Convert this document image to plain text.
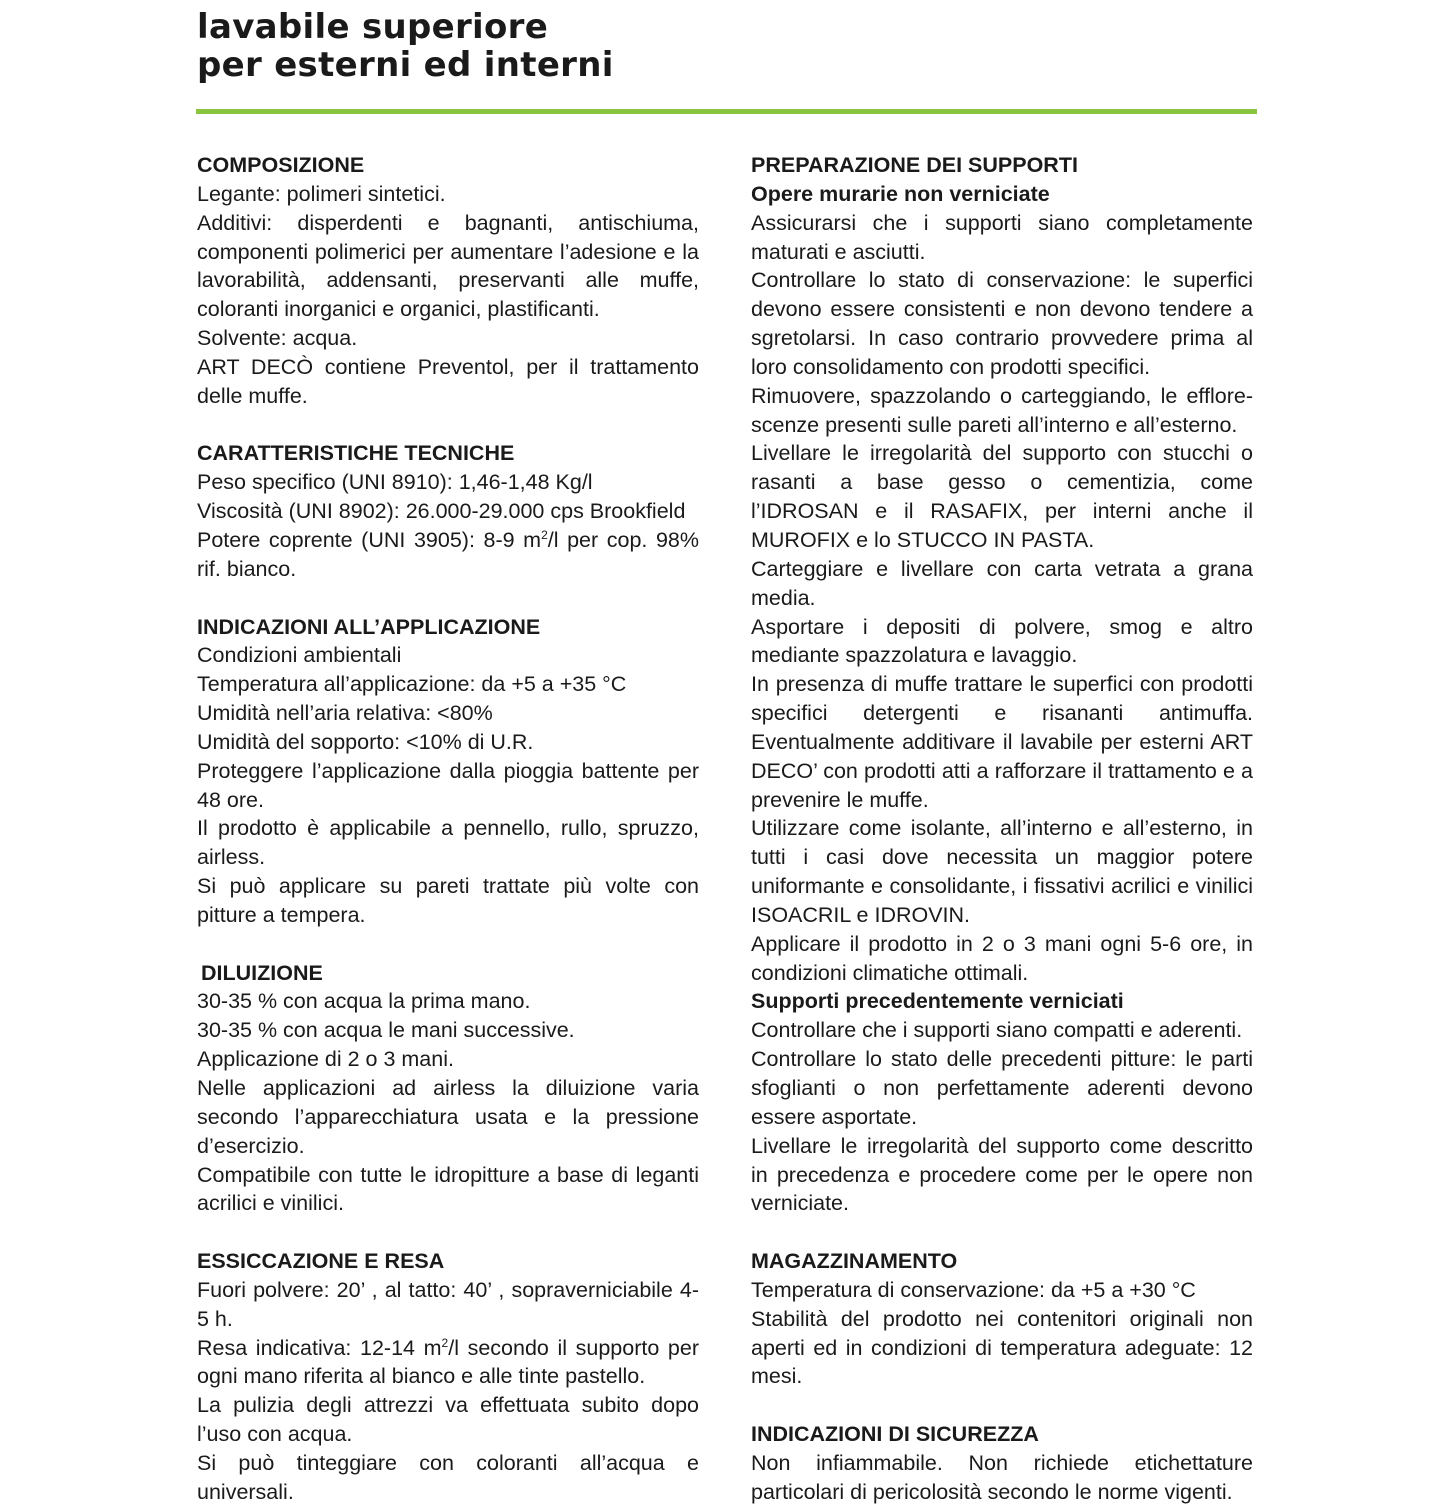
lavabile superiore
per esterni ed interni
COMPOSIZIONE
Legante: polimeri sintetici.
Additivi: disperdenti e bagnanti, antischiuma, componenti polimerici per aumentare l’adesione e la lavorabilità, addensanti, preservanti alle muffe, coloranti inorganici e organici, plastificanti.
Solvente: acqua.
ART DECÒ contiene Preventol, per il trattamento delle muffe.
CARATTERISTICHE TECNICHE
Peso specifico (UNI 8910): 1,46-1,48 Kg/l
Viscosità (UNI 8902): 26.000-29.000 cps Brookfield
Potere coprente (UNI 3905): 8-9 $m^2/l$ per cop. 98% rif. bianco.
INDICAZIONI ALL’APPLICAZIONE
Condizioni ambientali
Temperatura all’applicazione: da +5 a +35 °C
Umidità nell’aria relativa: <80%
Umidità del sopporto: <10% di U.R.
Proteggere l’applicazione dalla pioggia battente per 48 ore.
Il prodotto è applicabile a pennello, rullo, spruzzo, airless.
Si può applicare su pareti trattate più volte con pitture a tempera.
DILUIZIONE
30-35 % con acqua la prima mano.
30-35 % con acqua le mani successive.
Applicazione di 2 o 3 mani.
Nelle applicazioni ad airless la diluizione varia secondo l’apparecchiatura usata e la pressione d’esercizio.
Compatibile con tutte le idropitture a base di leganti acrilici e vinilici.
ESSICCAZIONE E RESA
Fuori polvere: 20’ , al tatto: 40’ , sopraverniciabile 4-5 h.
Resa indicativa: 12-14 $m^2/l$ secondo il supporto per ogni mano riferita al bianco e alle tinte pastello.
La pulizia degli attrezzi va effettuata subito dopo l’uso con acqua.
Si può tinteggiare con coloranti all’acqua e universali.
PREPARAZIONE DEI SUPPORTI
Opere murarie non verniciate
Assicurarsi che i supporti siano completamente maturati e asciutti.
Controllare lo stato di conservazione: le superfici devono essere consistenti e non devono tendere a sgretolarsi. In caso contrario provvedere prima al loro consolidamento con prodotti specifici.
Rimuovere, spazzolando o carteggiando, le efflore-scenze presenti sulle pareti all’interno e all’esterno.
Livellare le irregolarità del supporto con stucchi o rasanti a base gesso o cementizia, come l’IDROSAN e il RASAFIX, per interni anche il MUROFIX e lo STUCCO IN PASTA.
Carteggiare e livellare con carta vetrata a grana media.
Asportare i depositi di polvere, smog e altro mediante spazzolatura e lavaggio.
In presenza di muffe trattare le superfici con prodotti specifici detergenti e risananti antimuffa. Eventualmente additivare il lavabile per esterni ART DECO’ con prodotti atti a rafforzare il trattamento e a prevenire le muffe.
Utilizzare come isolante, all’interno e all’esterno, in tutti i casi dove necessita un maggior potere uniformante e consolidante, i fissativi acrilici e vinilici ISOACRIL e IDROVIN.
Applicare il prodotto in 2 o 3 mani ogni 5-6 ore, in condizioni climatiche ottimali.
Supporti precedentemente verniciati
Controllare che i supporti siano compatti e aderenti.
Controllare lo stato delle precedenti pitture: le parti sfoglianti o non perfettamente aderenti devono essere asportate.
Livellare le irregolarità del supporto come descritto in precedenza e procedere come per le opere non verniciate.
MAGAZZINAMENTO
Temperatura di conservazione: da +5 a +30 °C
Stabilità del prodotto nei contenitori originali non aperti ed in condizioni di temperatura adeguate: 12 mesi.
INDICAZIONI DI SICUREZZA
Non infiammabile. Non richiede etichettature particolari di pericolosità secondo le norme vigenti.
